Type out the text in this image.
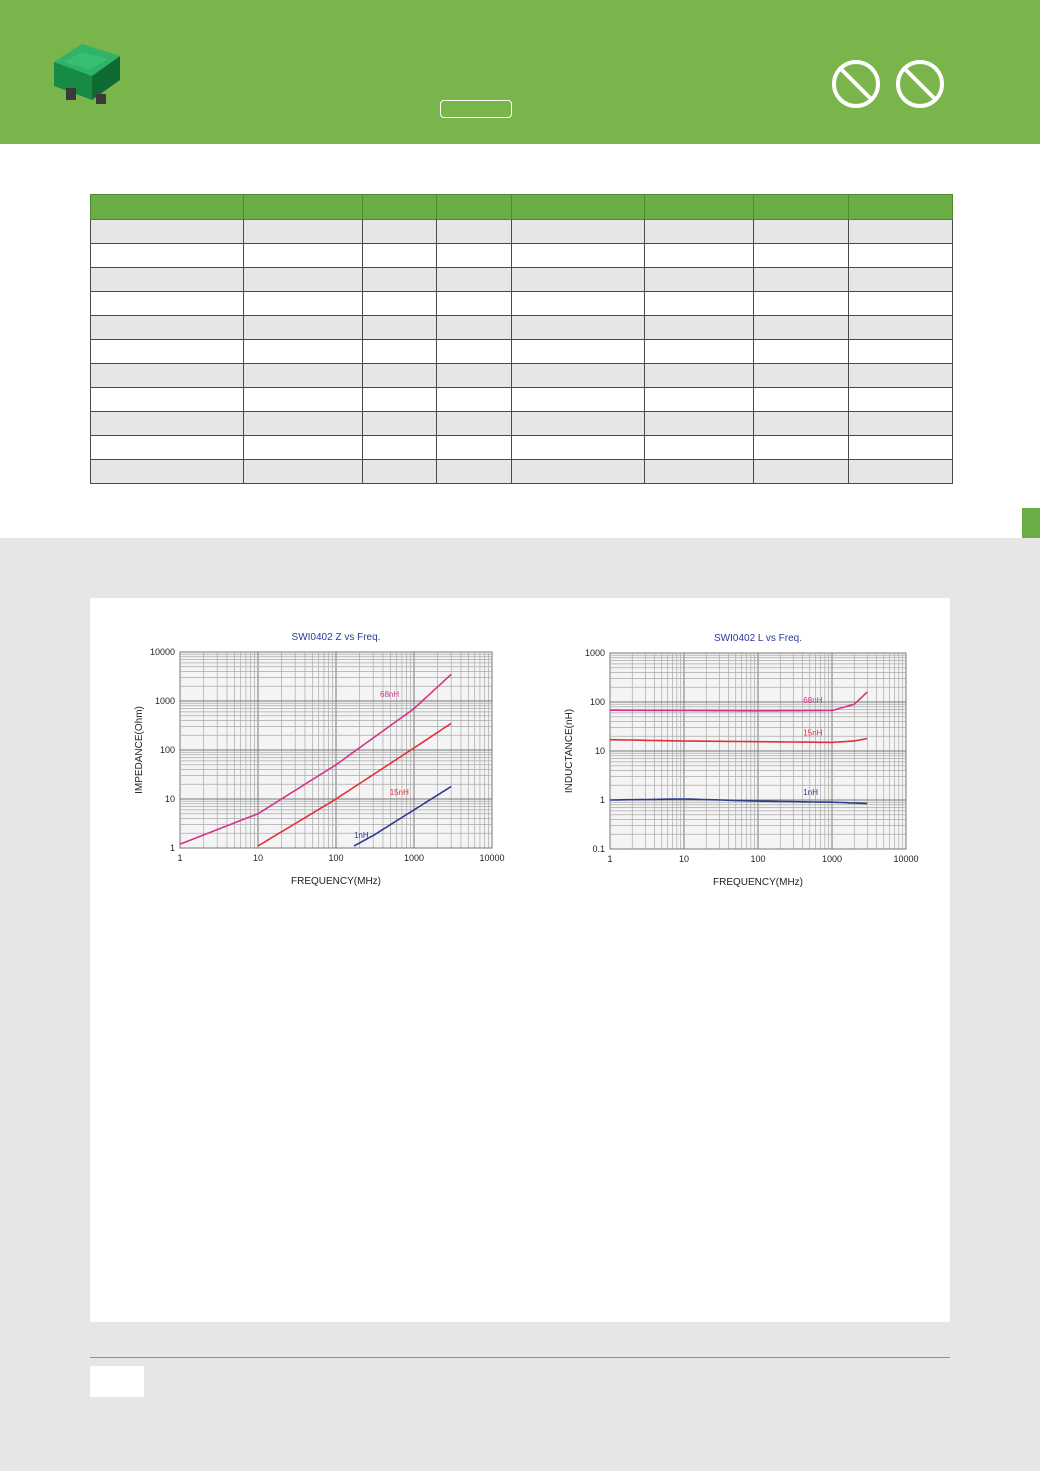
SWI0402 Z vs Freq.
1	10	100	1000	10000
1
10
100
1000
10000
FREQUENCY(MHz)
IMPEDANCE(Ohm)
68nH
15nH
1nH
SWI0402 L vs Freq.
1	10	100	1000	10000
0.1
1
10
100
1000
FREQUENCY(MHz)
INDUCTANCE(nH)
68nH
15nH
1nH
